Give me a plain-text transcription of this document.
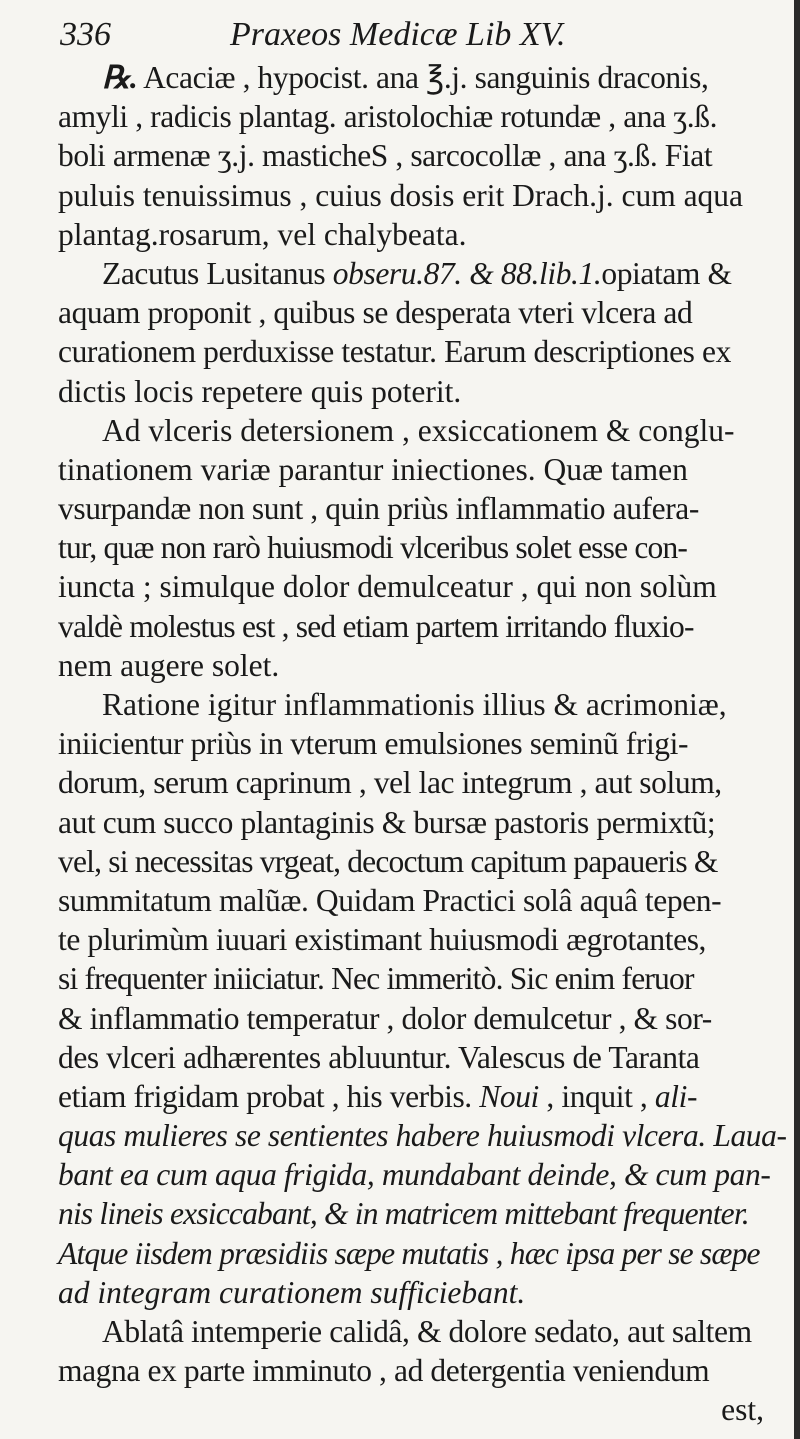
336	Praxeos Medicæ Lib XV.
℞. Acaciæ , hypocist. ana ℥.j. sanguinis draconis,
amyli , radicis plantag. aristolochiæ rotundæ , ana ʒ.ß.
boli armenæ ʒ.j. masticheS , sarcocollæ , ana ʒ.ß. Fiat
puluis tenuissimus , cuius dosis erit Drach.j. cum aqua
plantag.rosarum, vel chalybeata.
Zacutus Lusitanus obseru.87. & 88.lib.1.opiatam &
aquam proponit , quibus se desperata vteri vlcera ad
curationem perduxisse testatur. Earum descriptiones ex
dictis locis repetere quis poterit.
Ad vlceris detersionem , exsiccationem & conglu-
tinationem variæ parantur iniectiones. Quæ tamen
vsurpandæ non sunt , quin priùs inflammatio aufera-
tur, quæ non rarò huiusmodi vlceribus solet esse con-
iuncta ; simulque dolor demulceatur , qui non solùm
valdè molestus est , sed etiam partem irritando fluxio-
nem augere solet.
Ratione igitur inflammationis illius & acrimoniæ,
iniicientur priùs in vterum emulsiones seminũ frigi-
dorum, serum caprinum , vel lac integrum , aut solum,
aut cum succo plantaginis & bursæ pastoris permixtũ;
vel, si necessitas vrgeat, decoctum capitum papaueris &
summitatum malũæ. Quidam Practici solâ aquâ tepen-
te plurimùm iuuari existimant huiusmodi ægrotantes,
si frequenter iniiciatur. Nec immeritò. Sic enim feruor
& inflammatio temperatur , dolor demulcetur , & sor-
des vlceri adhærentes abluuntur. Valescus de Taranta
etiam frigidam probat , his verbis. Noui , inquit , ali-
quas mulieres se sentientes habere huiusmodi vlcera. Laua-
bant ea cum aqua frigida, mundabant deinde, & cum pan-
nis lineis exsiccabant, & in matricem mittebant frequenter.
Atque iisdem præsidiis sæpe mutatis , hæc ipsa per se sæpe
ad integram curationem sufficiebant.
Ablatâ intemperie calidâ, & dolore sedato, aut saltem
magna ex parte imminuto , ad detergentia veniendum
est,
